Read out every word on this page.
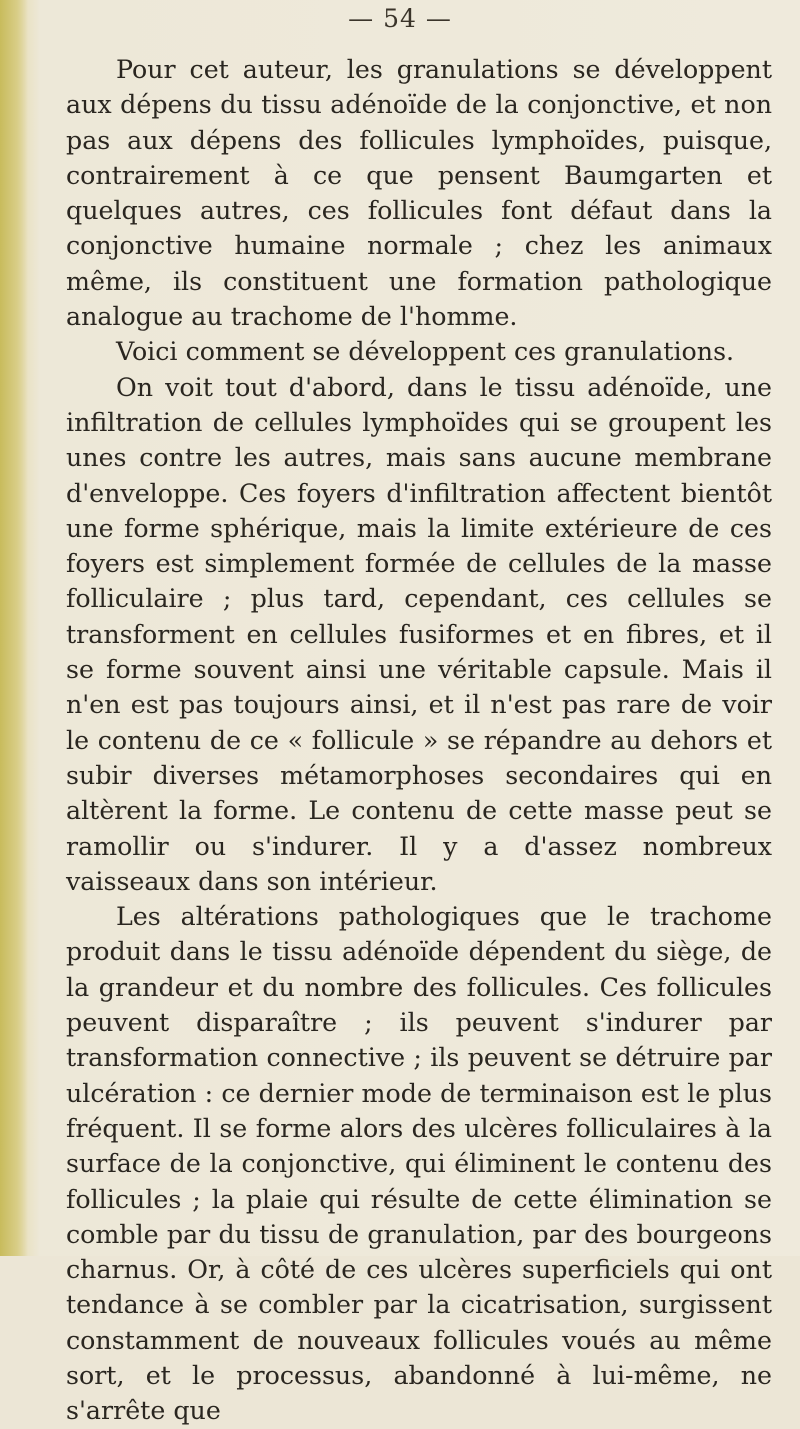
— 54 —

Pour cet auteur, les granulations se développent aux dépens du tissu adénoïde de la conjonctive, et non pas aux dépens des follicules lymphoïdes, puisque, contrairement à ce que pensent Baumgarten et quelques autres, ces follicules font défaut dans la conjonctive humaine normale ; chez les animaux même, ils constituent une formation pathologique analogue au trachome de l'homme.

Voici comment se développent ces granulations.

On voit tout d'abord, dans le tissu adénoïde, une infiltration de cellules lymphoïdes qui se groupent les unes contre les autres, mais sans aucune membrane d'enveloppe. Ces foyers d'infiltration affectent bientôt une forme sphérique, mais la limite extérieure de ces foyers est simplement formée de cellules de la masse folliculaire ; plus tard, cependant, ces cellules se transforment en cellules fusiformes et en fibres, et il se forme souvent ainsi une véritable capsule. Mais il n'en est pas toujours ainsi, et il n'est pas rare de voir le contenu de ce « follicule » se répandre au dehors et subir diverses métamorphoses secondaires qui en altèrent la forme. Le contenu de cette masse peut se ramollir ou s'indurer. Il y a d'assez nombreux vaisseaux dans son intérieur.

Les altérations pathologiques que le trachome produit dans le tissu adénoïde dépendent du siège, de la grandeur et du nombre des follicules. Ces follicules peuvent disparaître ; ils peuvent s'indurer par transformation connective ; ils peuvent se détruire par ulcération : ce dernier mode de terminaison est le plus fréquent. Il se forme alors des ulcères folliculaires à la surface de la conjonctive, qui éliminent le contenu des follicules ; la plaie qui résulte de cette élimination se comble par du tissu de granulation, par des bourgeons charnus. Or, à côté de ces ulcères superficiels qui ont tendance à se combler par la cicatrisation, surgissent constamment de nouveaux follicules voués au même sort, et le processus, abandonné à lui-même, ne s'arrête que
